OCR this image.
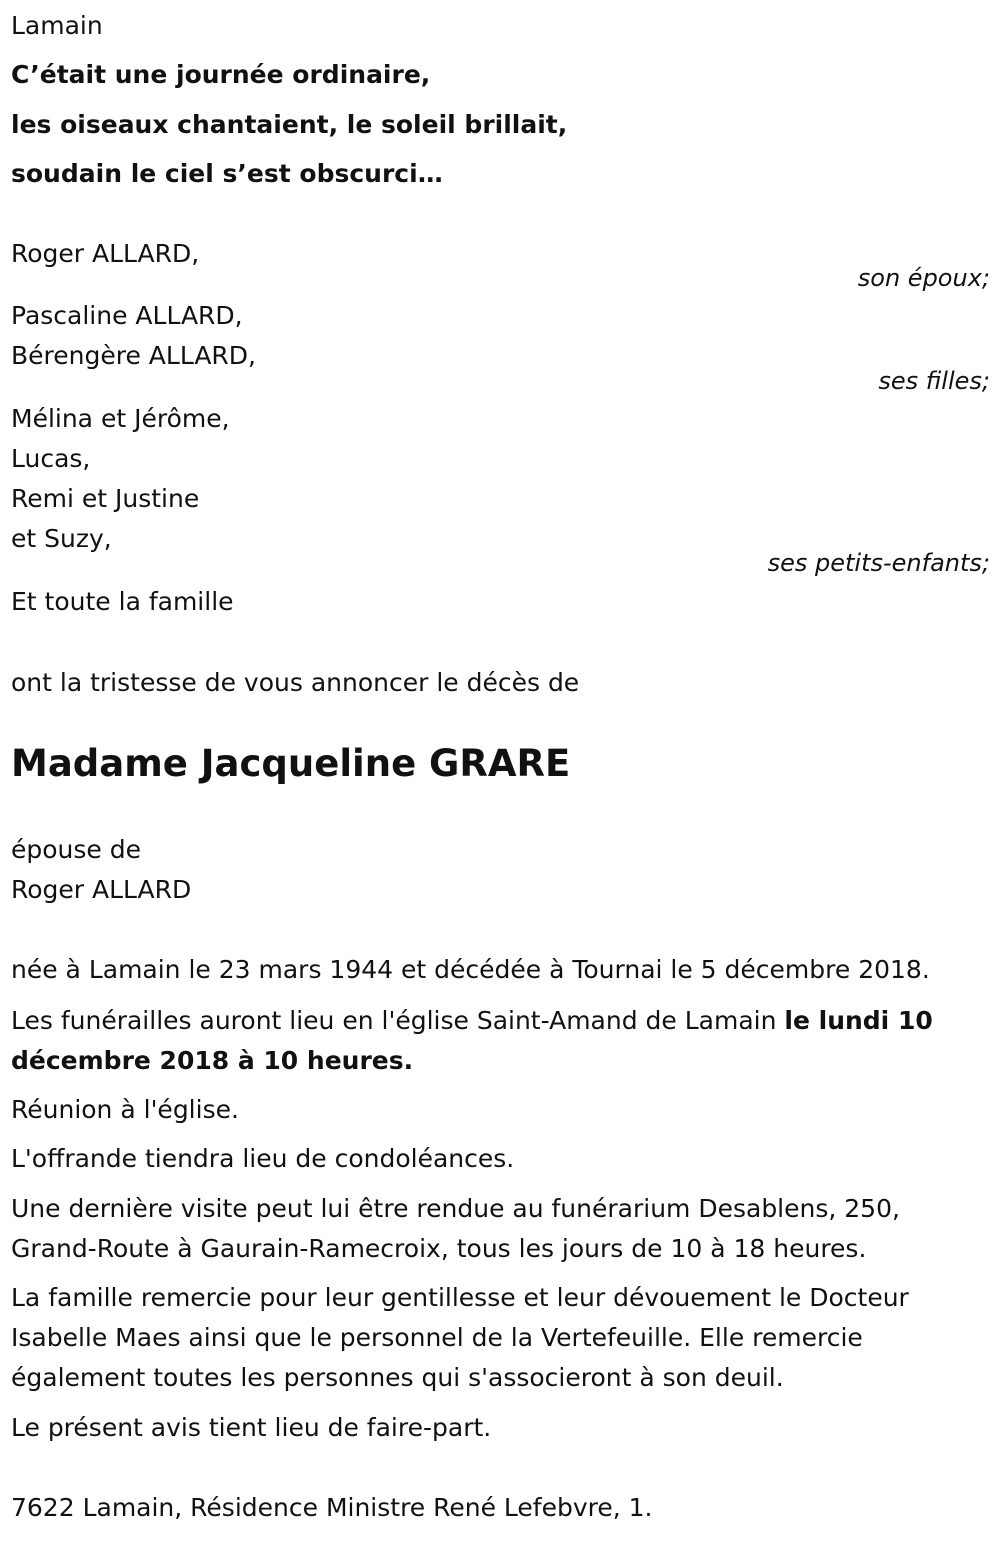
Lamain
C’était une journée ordinaire,
les oiseaux chantaient, le soleil brillait,
soudain le ciel s’est obscurci…
Roger ALLARD,
son époux;
Pascaline ALLARD,
Bérengère ALLARD,
ses filles;
Mélina et Jérôme,
Lucas,
Remi et Justine
et Suzy,
ses petits-enfants;
Et toute la famille
ont la tristesse de vous annoncer le décès de
Madame Jacqueline GRARE
épouse de
Roger ALLARD
née à Lamain le 23 mars 1944 et décédée à Tournai le 5 décembre 2018.
Les funérailles auront lieu en l'église Saint-Amand de Lamain le lundi 10 décembre 2018 à 10 heures.
Réunion à l'église.
L'offrande tiendra lieu de condoléances.
Une dernière visite peut lui être rendue au funérarium Desablens, 250, Grand-Route à Gaurain-Ramecroix, tous les jours de 10 à 18 heures.
La famille remercie pour leur gentillesse et leur dévouement le Docteur Isabelle Maes ainsi que le personnel de la Vertefeuille. Elle remercie également toutes les personnes qui s'associeront à son deuil.
Le présent avis tient lieu de faire-part.
7622 Lamain, Résidence Ministre René Lefebvre, 1.
